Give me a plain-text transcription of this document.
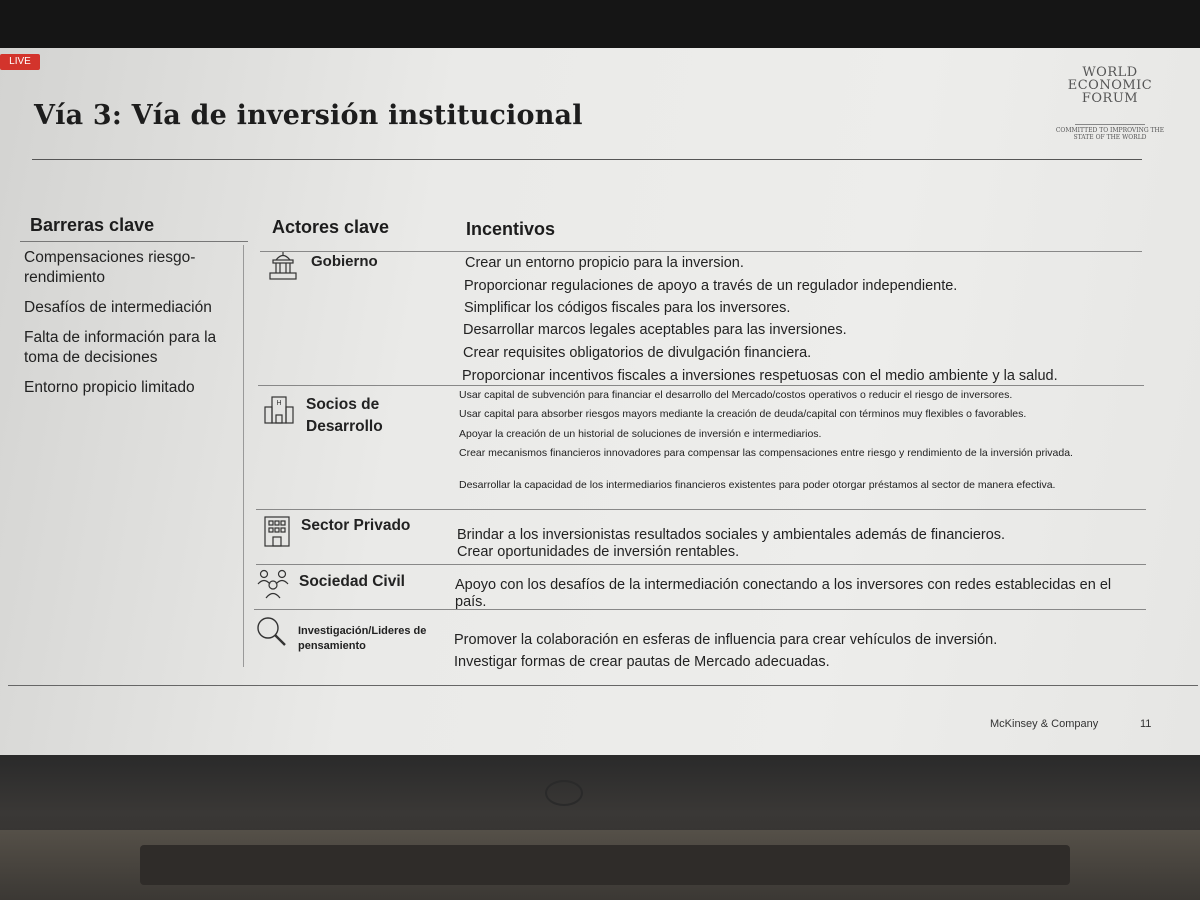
LIVE
Vía 3: Vía de inversión institucional
WORLD
ECONOMIC
FORUM
COMMITTED TO IMPROVING THE STATE OF THE WORLD
Barreras clave	Actores clave	Incentivos
Compensaciones riesgo-rendimiento
Desafíos de intermediación
Falta de información para la toma de decisiones
Entorno propicio limitado
Gobierno	Crear un entorno propicio para la inversion.
Proporcionar regulaciones de apoyo a través de un regulador independiente.
Simplificar los códigos fiscales para los inversores.
Desarrollar marcos legales aceptables para las inversiones.
Crear requisites obligatorios de divulgación financiera.
Proporcionar incentivos fiscales a inversiones respetuosas con el medio ambiente y la salud.
H Socios de Desarrollo
Usar capital de subvención para financiar el desarrollo del Mercado/costos operativos o reducir el riesgo de inversores.
Usar capital para absorber riesgos mayors mediante la creación de deuda/capital con términos muy flexibles o favorables.
Apoyar la creación de un historial de soluciones de inversión e intermediarios.
Crear mecanismos financieros innovadores para compensar las compensaciones entre riesgo y rendimiento de la inversión privada.
Desarrollar la capacidad de los intermediarios financieros existentes para poder otorgar préstamos al sector de manera efectiva.
Sector Privado
Brindar a los inversionistas resultados sociales y ambientales además de financieros.
Crear oportunidades de inversión rentables.
Sociedad Civil	Apoyo con los desafíos de la intermediación conectando a los inversores con redes establecidas en el país.
Investigación/Lideres de pensamiento	Promover la colaboración en esferas de influencia para crear vehículos de inversión.
Investigar formas de crear pautas de Mercado adecuadas.
McKinsey & Company	11
